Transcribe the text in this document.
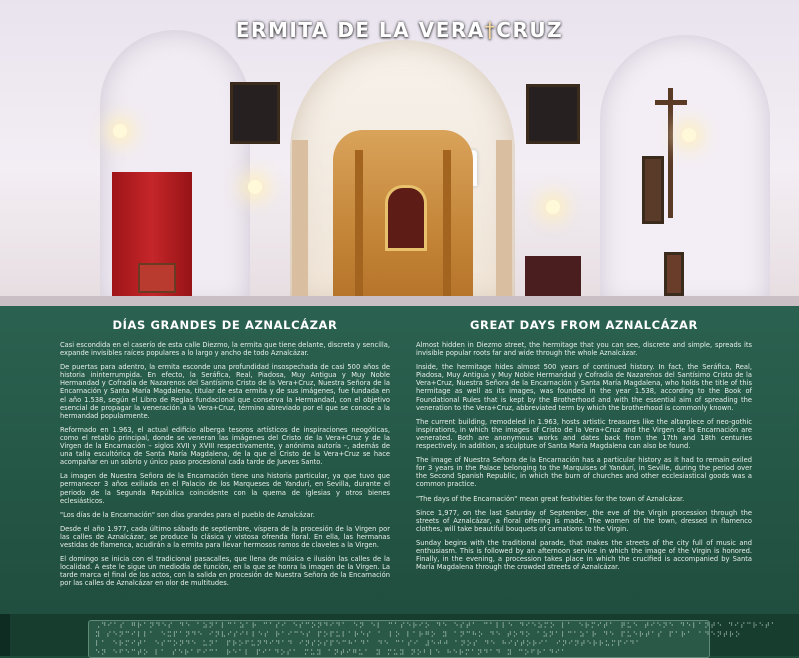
ERMITA DE LA VERA†CRUZ
DÍAS GRANDES DE AZNALCÁZAR

Casi escondida en el caserío de esta calle Diezmo, la ermita que tiene delante, discreta y sencilla, expande invisibles raíces populares a lo largo y ancho de todo Aznalcázar.

De puertas para adentro, la ermita esconde una profundidad insospechada de casi 500 años de historia ininterrumpida. En efecto, la Seráfica, Real, Piadosa, Muy Antigua y Muy Noble Hermandad y Cofradía de Nazarenos del Santísimo Cristo de la Vera+Cruz, Nuestra Señora de la Encarnación y Santa María Magdalena, titular de esta ermita y de sus imágenes, fue fundada en el año 1.538, según el Libro de Reglas fundacional que conserva la Hermandad, con el objetivo esencial de propagar la veneración a la Vera+Cruz, término abreviado por el que se conoce a la hermandad popularmente.

Reformado en 1.963, el actual edificio alberga tesoros artísticos de inspiraciones neogóticas, como el retablo principal, donde se veneran las imágenes del Cristo de la Vera+Cruz y de la Virgen de la Encarnación – siglos XVII y XVIII respectivamente, y anónima autoría –, además de una talla escultórica de Santa María Magdalena, de la que el Cristo de la Vera+Cruz se hace acompañar en un sobrio y único paso procesional cada tarde de Jueves Santo.

La imagen de Nuestra Señora de la Encarnación tiene una historia particular, ya que tuvo que permanecer 3 años exiliada en el Palacio de los Marqueses de Yandurí, en Sevilla, durante el periodo de la Segunda República coincidente con la quema de iglesias y otros bienes eclesiásticos.

"Los días de la Encarnación" son días grandes para el pueblo de Aznalcázar.

Desde el año 1.977, cada último sábado de septiembre, víspera de la procesión de la Virgen por las calles de Aznalcázar, se produce la clásica y vistosa ofrenda floral. En ella, las hermanas vestidas de flamenca, acudirán a la ermita para llevar hermosos ramos de claveles a la Virgen.

El domingo se inicia con el tradicional pasacalles, que llena de música e ilusión las calles de la localidad. A este le sigue un mediodía de función, en la que se honra la imagen de la Virgen. La tarde marca el final de los actos, con la salida en procesión de Nuestra Señora de la Encarnación por las calles de Aznalcázar en olor de multitudes.

GREAT DAYS FROM AZNALCÁZAR

Almost hidden in Diezmo street, the hermitage that you can see, discrete and simple, spreads its invisible popular roots far and wide through the whole Aznalcázar.

Inside, the hermitage hides almost 500 years of continued history. In fact, the Seráfica, Real, Piadosa, Muy Antigua y Muy Noble Hermandad y Cofradía de Nazarenos del Santísimo Cristo de la Vera+Cruz, Nuestra Señora de la Encarnación y Santa María Magdalena, who holds the title of this hermitage as well as its images, was founded in the year 1.538, according to the Book of Foundational Rules that is kept by the Brotherhood and with the essential aim of spreading the veneration to the Vera+Cruz, abbreviated term by which the brotherhood is commonly known.

The current building, remodeled in 1.963, hosts artistic treasures like the altarpiece of neo-gothic inspirations, in which the images of Cristo de la Vera+Cruz and the Virgen de la Encarnación are venerated. Both are anonymous works and dates back from the 17th and 18th centuries respectively. In addition, a sculpture of Santa María Magdalena can also be found.

The image of Nuestra Señora de la Encarnación has a particular history as it had to remain exiled for 3 years in the Palace belonging to the Marquises of Yandurí, in Seville, during the period over the Second Spanish Republic, in which the burn of churches and other ecclesiastical goods was a common practice.

"The days of the Encarnación" mean great festivities for the town of Aznalcázar.

Since 1,977, on the last Saturday of September, the eve of the Virgin procession through the streets of Aznalcázar, a floral offering is made. The women of the town, dressed in flamenco clothes, will take beautiful bouquets of carnations to the Virgin.

Sunday begins with the traditional parade, that makes the streets of the city full of music and enthusiasm. This is followed by an afternoon service in which the image of the Virgin is honored. Finally, in the evening, a procession takes place in which the crucified is accompanied by Santa María Magdalena through the crowded streets of Aznalcázar.

⠠⠙⠊⠁⠎ ⠛⠗⠁⠝⠙⠑⠎ ⠙⠑ ⠁⠵⠝⠁⠇⠉⠁⠵⠁⠗ ⠉⠁⠎⠊ ⠑⠎⠉⠕⠝⠙⠊⠙⠁ ⠑⠝ ⠑⠇ ⠉⠁⠎⠑⠗⠊⠕ ⠙⠑ ⠑⠎⠞⠁ ⠉⠁⠇⠇⠑ ⠙⠊⠑⠵⠍⠕ ⠇⠁ ⠑⠗⠍⠊⠞⠁ ⠟⠥⠑ ⠞⠊⠑⠝⠑ ⠙⠑⠇⠁⠝⠞⠑ ⠙⠊⠎⠉⠗⠑⠞⠁
⠽ ⠎⠑⠝⠉⠊⠇⠇⠁ ⠑⠭⠏⠁⠝⠙⠑ ⠊⠝⠧⠊⠎⠊⠃⠇⠑⠎ ⠗⠁⠊⠉⠑⠎ ⠏⠕⠏⠥⠇⠁⠗⠑⠎ ⠁ ⠇⠕ ⠇⠁⠗⠛⠕ ⠽ ⠁⠝⠉⠓⠕ ⠙⠑ ⠞⠕⠙⠕ ⠁⠵⠝⠁⠇⠉⠁⠵⠁⠗ ⠙⠑ ⠏⠥⠑⠗⠞⠁⠎ ⠏⠁⠗⠁ ⠁⠙⠑⠝⠞⠗⠕
⠇⠁ ⠑⠗⠍⠊⠞⠁ ⠑⠎⠉⠕⠝⠙⠑ ⠥⠝⠁ ⠏⠗⠕⠋⠥⠝⠙⠊⠙⠁⠙ ⠊⠝⠎⠕⠎⠏⠑⠉⠓⠁⠙⠁ ⠙⠑ ⠉⠁⠎⠊ ⠼⠑⠚⠚ ⠁⠝⠕⠎ ⠙⠑ ⠓⠊⠎⠞⠕⠗⠊⠁ ⠊⠝⠊⠝⠞⠑⠗⠗⠥⠍⠏⠊⠙⠁
⠑⠝ ⠑⠋⠑⠉⠞⠕ ⠇⠁ ⠎⠑⠗⠁⠋⠊⠉⠁ ⠗⠑⠁⠇ ⠏⠊⠁⠙⠕⠎⠁ ⠍⠥⠽ ⠁⠝⠞⠊⠛⠥⠁ ⠽ ⠍⠥⠽ ⠝⠕⠃⠇⠑ ⠓⠑⠗⠍⠁⠝⠙⠁⠙ ⠽ ⠉⠕⠋⠗⠁⠙⠊⠁
